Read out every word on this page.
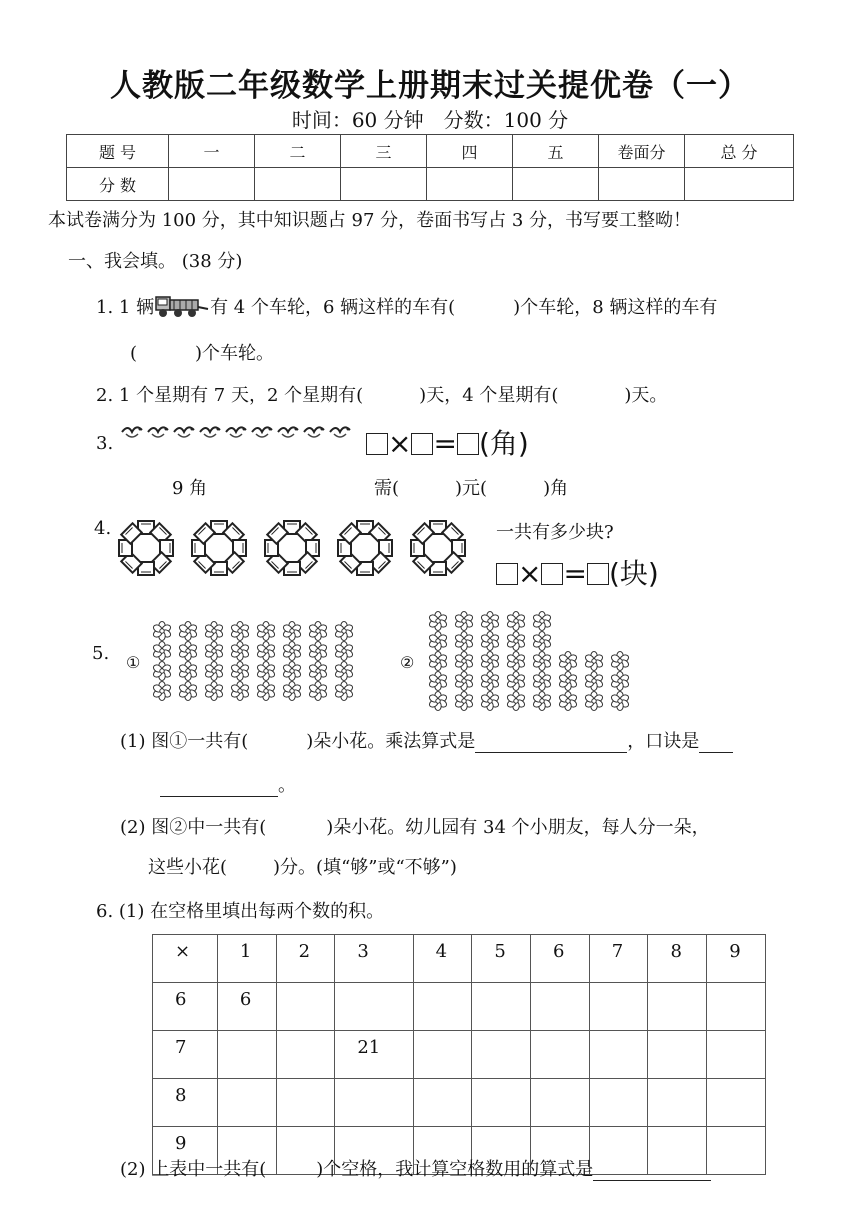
人教版二年级数学上册期末过关提优卷（一）
时间：60 分钟　分数：100 分
题 号	一	二	三	四	五	卷面分	总 分
分 数							
本试卷满分为 100 分，其中知识题占 97 分，卷面书写占 3 分，书写要工整呦！
一、我会填。 (38 分)
1. 1 辆	有 4 个车轮，6 辆这样的车有(	)个车轮，8 辆这样的车有
(	)个车轮。
2. 1 个星期有 7 天，2 个星期有(	)天，4 个星期有(	)天。
3.	× = (角)
9 角	需(	)元(	)角
4.	一共有多少块?
× = (块)
5. ①	②
(1) 图①一共有(	)朵小花。乘法算式是	，口诀是
。
(2) 图②中一共有(	)朵小花。幼儿园有 34 个小朋友，每人分一朵，
这些小花(	)分。(填“够”或“不够”)
6. (1) 在空格里填出每两个数的积。
×	1	2	3	4	5	6	7	8	9
6	6								
7			21						
8									
9									
(2) 上表中一共有(	)个空格，我计算空格数用的算式是
